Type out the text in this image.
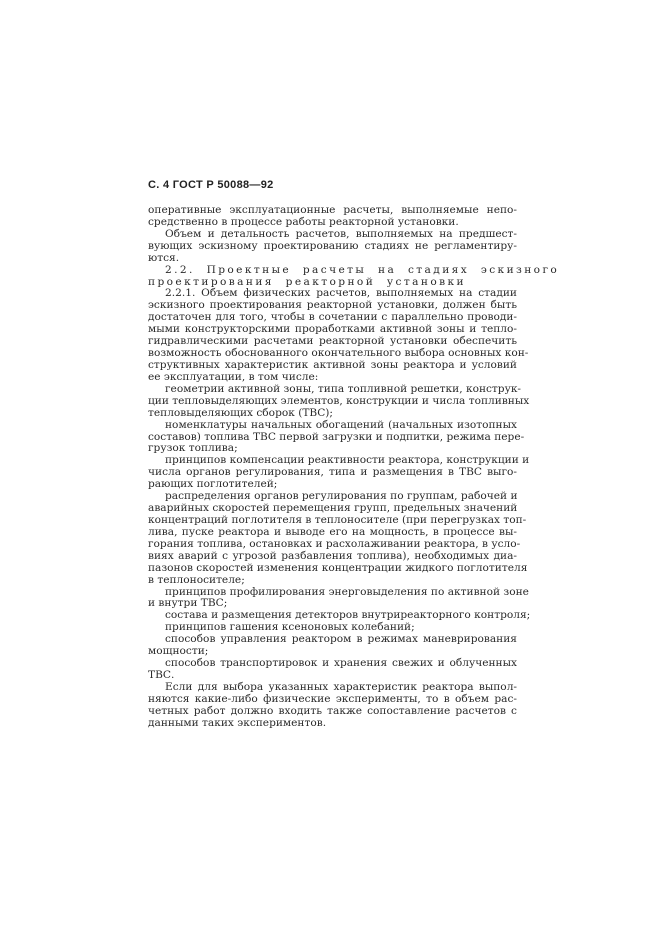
С. 4 ГОСТ Р 50088—92
оперативные эксплуатационные расчеты, выполняемые непо-
средственно в процессе работы реакторной установки.
Объем и детальность расчетов, выполняемых на предшест-
вующих эскизному проектированию стадиях не регламентиру-
ются.
2.2. Проектные расчеты на стадиях эскизного
проектирования реакторной установки
2.2.1. Объем физических расчетов, выполняемых на стадии
эскизного проектирования реакторной установки, должен быть
достаточен для того, чтобы в сочетании с параллельно проводи-
мыми конструкторскими проработками активной зоны и тепло-
гидравлическими расчетами реакторной установки обеспечить
возможность обоснованного окончательного выбора основных кон-
структивных характеристик активной зоны реактора и условий
ее эксплуатации, в том числе:
геометрии активной зоны, типа топливной решетки, конструк-
ции тепловыделяющих элементов, конструкции и числа топливных
тепловыделяющих сборок (ТВС);
номенклатуры начальных обогащений (начальных изотопных
составов) топлива ТВС первой загрузки и подпитки, режима пере-
грузок топлива;
принципов компенсации реактивности реактора, конструкции и
числа органов регулирования, типа и размещения в ТВС выго-
рающих поглотителей;
распределения органов регулирования по группам, рабочей и
аварийных скоростей перемещения групп, предельных значений
концентраций поглотителя в теплоносителе (при перегрузках топ-
лива, пуске реактора и выводе его на мощность, в процессе вы-
горания топлива, остановках и расхолаживании реактора, в усло-
виях аварий с угрозой разбавления топлива), необходимых диа-
пазонов скоростей изменения концентрации жидкого поглотителя
в теплоносителе;
принципов профилирования энерговыделения по активной зоне
и внутри ТВС;
состава и размещения детекторов внутриреакторного контроля;
принципов гашения ксеноновых колебаний;
способов управления реактором в режимах маневрирования
мощности;
способов транспортировок и хранения свежих и облученных
ТВС.
Если для выбора указанных характеристик реактора выпол-
няются какие-либо физические эксперименты, то в объем рас-
четных работ должно входить также сопоставление расчетов с
данными таких экспериментов.
